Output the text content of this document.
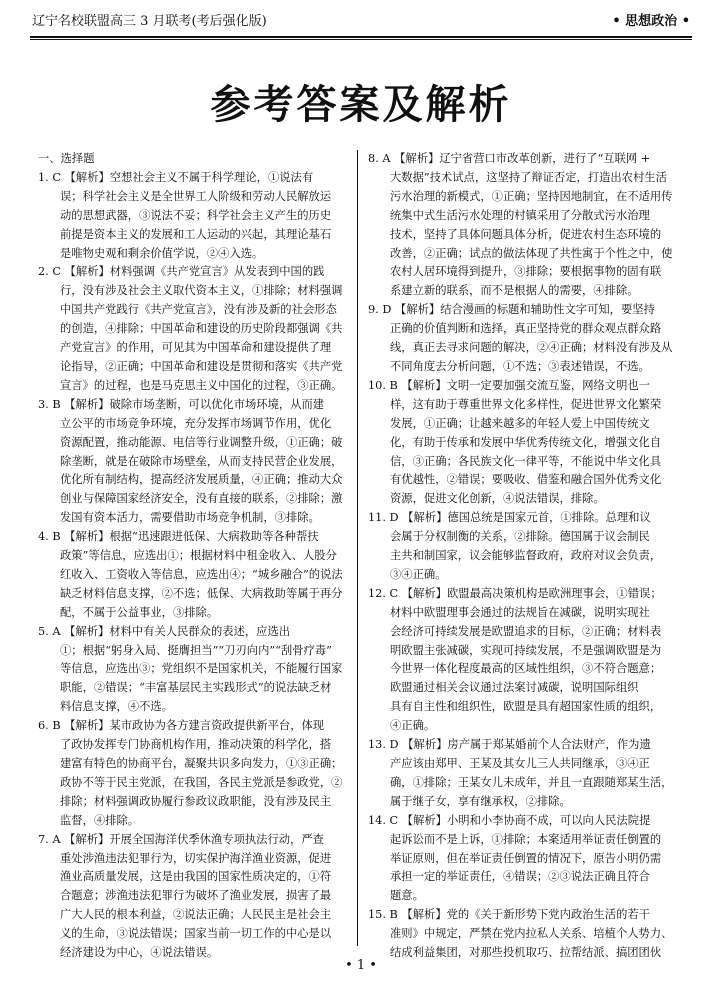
辽宁名校联盟高三 3 月联考(考后强化版)	• 思想政治 •
参考答案及解析
一、选择题
1. C 【解析】空想社会主义不属于科学理论，①说法有
误；科学社会主义是全世界工人阶级和劳动人民解放运
动的思想武器，③说法不妥；科学社会主义产生的历史
前提是资本主义的发展和工人运动的兴起，其理论基石
是唯物史观和剩余价值学说，②④入选。
2. C 【解析】材料强调《共产党宣言》从发表到中国的践
行，没有涉及社会主义取代资本主义，①排除；材料强调
中国共产党践行《共产党宣言》，没有涉及新的社会形态
的创造，④排除；中国革命和建设的历史阶段都强调《共
产党宣言》的作用，可见其为中国革命和建设提供了理
论指导，②正确；中国革命和建设是贯彻和落实《共产党
宣言》的过程，也是马克思主义中国化的过程，③正确。
3. B 【解析】破除市场垄断，可以优化市场环境，从而建
立公平的市场竞争环境，充分发挥市场调节作用，优化
资源配置，推动能源、电信等行业调整升级，①正确；破
除垄断，就是在破除市场壁垒，从而支持民营企业发展，
优化所有制结构，提高经济发展质量，④正确；推动大众
创业与保障国家经济安全，没有直接的联系，②排除；激
发国有资本活力，需要借助市场竞争机制，③排除。
4. B 【解析】根据“迅速跟进低保、大病救助等各种帮扶
政策”等信息，应选出①；根据材料中租金收入、人股分
红收入、工资收入等信息，应选出④；“城乡融合”的说法
缺乏材料信息支撑，②不选；低保、大病救助等属于再分
配，不属于公益事业，③排除。
5. A 【解析】材料中有关人民群众的表述，应选出
①；根据“躬身入局、挺膺担当”“刀刃向内”“刮骨疗毒”
等信息，应选出③；党组织不是国家机关，不能履行国家
职能，②错误；“丰富基层民主实践形式”的说法缺乏材
料信息支撑，④不选。
6. B 【解析】某市政协为各方建言资政提供新平台，体现
了政协发挥专门协商机构作用，推动决策的科学化，搭
建富有特色的协商平台，凝聚共识多向发力，①③正确；
政协不等于民主党派，在我国，各民主党派是参政党，②
排除；材料强调政协履行参政议政职能，没有涉及民主
监督，④排除。
7. A 【解析】开展全国海洋伏季休渔专项执法行动，严查
重处涉渔违法犯罪行为，切实保护海洋渔业资源，促进
渔业高质量发展，这是由我国的国家性质决定的，①符
合题意；涉渔违法犯罪行为破坏了渔业发展，损害了最
广大人民的根本利益，②说法正确；人民民主是社会主
义的生命，③说法错误；国家当前一切工作的中心是以
经济建设为中心，④说法错误。
8. A 【解析】辽宁省营口市改革创新，进行了“互联网 +
大数据”技术试点，这坚持了辩证否定，打造出农村生活
污水治理的新模式，①正确；坚持因地制宜，在不适用传
统集中式生活污水处理的村镇采用了分散式污水治理
技术，坚持了具体问题具体分析，促进农村生态环境的
改善，②正确；试点的做法体现了共性寓于个性之中，使
农村人居环境得到提升，③排除；要根据事物的固有联
系建立新的联系，而不是根据人的需要，④排除。
9. D 【解析】结合漫画的标题和辅助性文字可知，要坚持
正确的价值判断和选择，真正坚持党的群众观点群众路
线，真正去寻求问题的解决，②④正确；材料没有涉及从
不同角度去分析问题，①不选；③表述错误，不选。
10. B 【解析】文明一定要加强交流互鉴，网络文明也一
样，这有助于尊重世界文化多样性，促进世界文化繁荣
发展，①正确；让越来越多的年轻人爱上中国传统文
化，有助于传承和发展中华优秀传统文化，增强文化自
信，③正确；各民族文化一律平等，不能说中华文化具
有优越性，②错误；要吸收、借鉴和融合国外优秀文化
资源，促进文化创新，④说法错误，排除。
11. D 【解析】德国总统是国家元首，①排除。总理和议
会属于分权制衡的关系，②排除。德国属于议会制民
主共和制国家，议会能够监督政府，政府对议会负责，
③④正确。
12. C 【解析】欧盟最高决策机构是欧洲理事会，①错误；
材料中欧盟理事会通过的法规旨在减碳，说明实现社
会经济可持续发展是欧盟追求的目标，②正确；材料表
明欧盟主张减碳，实现可持续发展，不是强调欧盟是为
今世界一体化程度最高的区域性组织，③不符合题意；
欧盟通过相关会议通过法案讨减碳，说明国际组织
具有自主性和组织性，欧盟是具有超国家性质的组织，
④正确。
13. D 【解析】房产属于郑某婚前个人合法财产，作为遗
产应该由郑甲、王某及其女儿三人共同继承，③④正
确，①排除；王某女儿未成年，并且一直跟随郑某生活，
属于继子女，享有继承权，②排除。
14. C 【解析】小明和小李协商不成，可以向人民法院提
起诉讼而不是上诉，①排除；本案适用举证责任倒置的
举证原则，但在举证责任倒置的情况下，原告小明仍需
承担一定的举证责任，④错误；②③说法正确且符合
题意。
15. B 【解析】党的《关于新形势下党内政治生活的若干
准则》中规定，严禁在党内拉私人关系、培植个人势力、
结成利益集团，对那些投机取巧、拉帮结派、搞团团伙
• 1 •
